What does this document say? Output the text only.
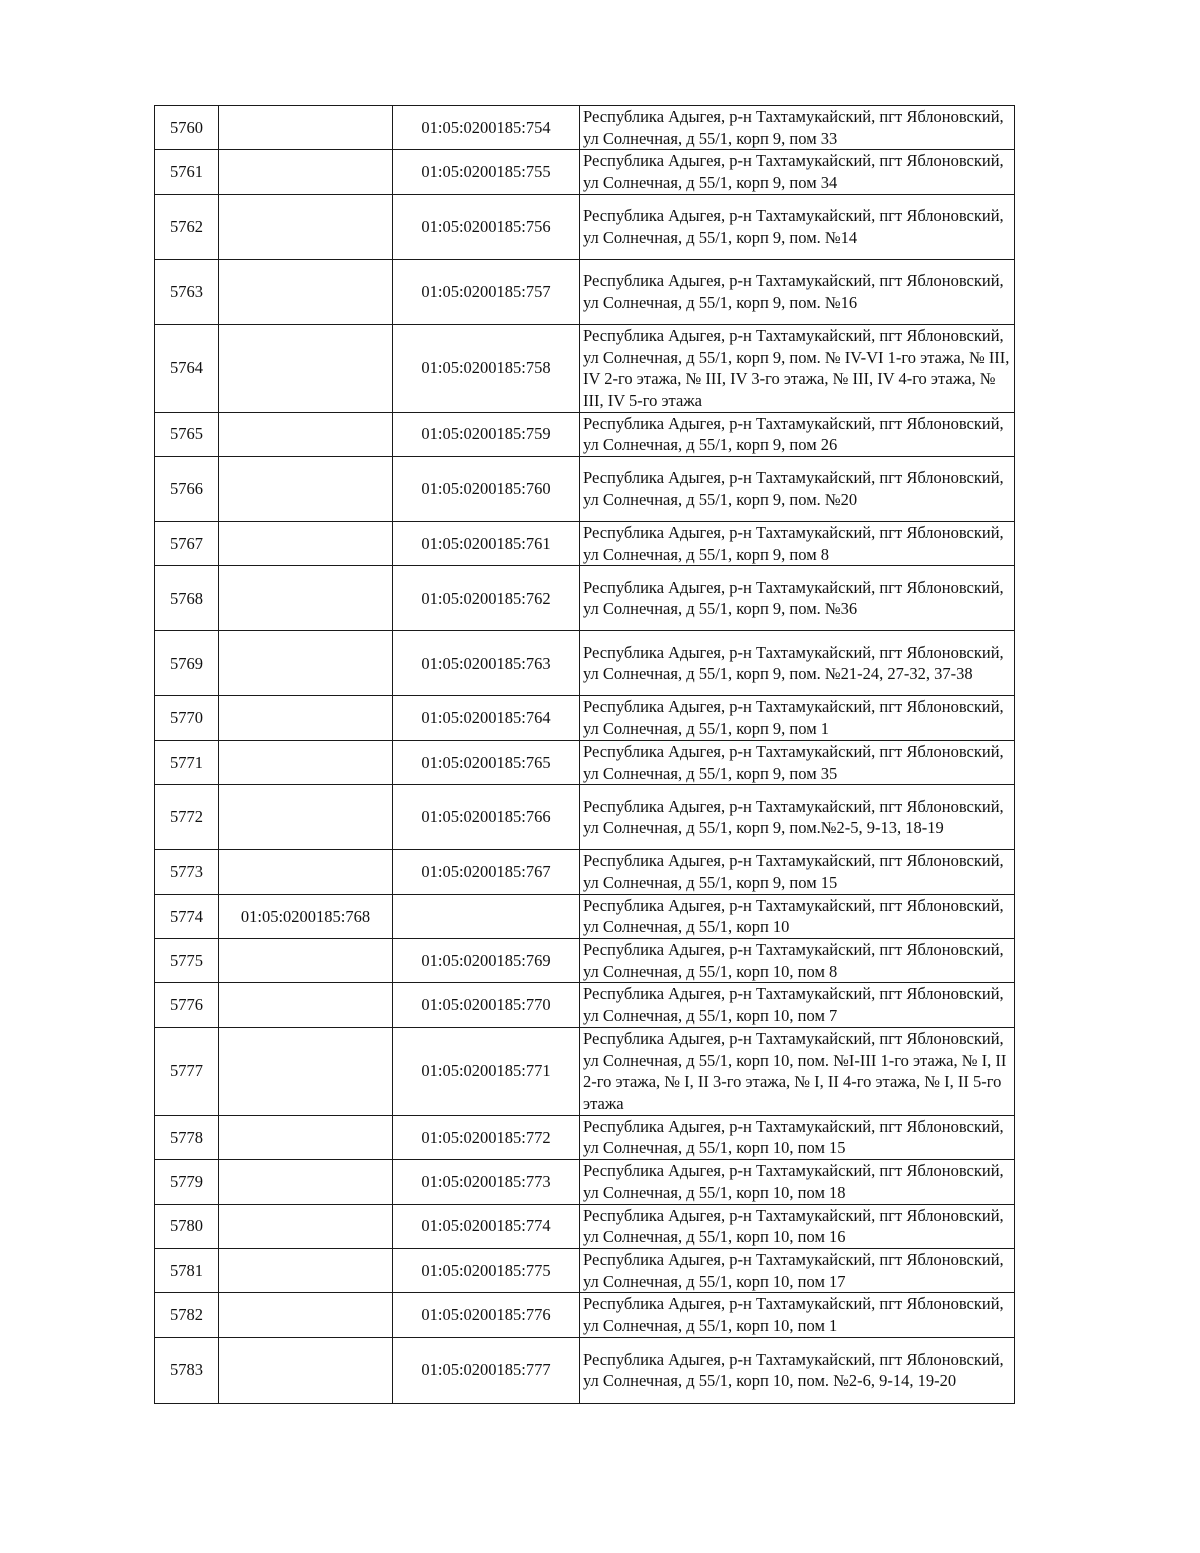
5760		01:05:0200185:754	Республика Адыгея, р-н Тахтамукайский, пгт Яблоновский, ул Солнечная, д 55/1, корп 9, пом 33
5761		01:05:0200185:755	Республика Адыгея, р-н Тахтамукайский, пгт Яблоновский, ул Солнечная, д 55/1, корп 9, пом 34
5762		01:05:0200185:756	Республика Адыгея, р-н Тахтамукайский, пгт Яблоновский, ул Солнечная, д 55/1, корп 9, пом. №14
5763		01:05:0200185:757	Республика Адыгея, р-н Тахтамукайский, пгт Яблоновский, ул Солнечная, д 55/1, корп 9, пом. №16
5764		01:05:0200185:758	Республика Адыгея, р-н Тахтамукайский, пгт Яблоновский, ул Солнечная, д 55/1, корп 9, пом. № IV-VI 1-го этажа, № III, IV 2-го этажа, № III, IV 3-го этажа, № III, IV 4-го этажа, № III, IV 5-го этажа
5765		01:05:0200185:759	Республика Адыгея, р-н Тахтамукайский, пгт Яблоновский, ул Солнечная, д 55/1, корп 9, пом 26
5766		01:05:0200185:760	Республика Адыгея, р-н Тахтамукайский, пгт Яблоновский, ул Солнечная, д 55/1, корп 9, пом. №20
5767		01:05:0200185:761	Республика Адыгея, р-н Тахтамукайский, пгт Яблоновский, ул Солнечная, д 55/1, корп 9, пом 8
5768		01:05:0200185:762	Республика Адыгея, р-н Тахтамукайский, пгт Яблоновский, ул Солнечная, д 55/1, корп 9, пом. №36
5769		01:05:0200185:763	Республика Адыгея, р-н Тахтамукайский, пгт Яблоновский, ул Солнечная, д 55/1, корп 9, пом. №21-24, 27-32, 37-38
5770		01:05:0200185:764	Республика Адыгея, р-н Тахтамукайский, пгт Яблоновский, ул Солнечная, д 55/1, корп 9, пом 1
5771		01:05:0200185:765	Республика Адыгея, р-н Тахтамукайский, пгт Яблоновский, ул Солнечная, д 55/1, корп 9, пом 35
5772		01:05:0200185:766	Республика Адыгея, р-н Тахтамукайский, пгт Яблоновский, ул Солнечная, д 55/1, корп 9, пом.№2-5, 9-13, 18-19
5773		01:05:0200185:767	Республика Адыгея, р-н Тахтамукайский, пгт Яблоновский, ул Солнечная, д 55/1, корп 9, пом 15
5774	01:05:0200185:768		Республика Адыгея, р-н Тахтамукайский, пгт Яблоновский, ул Солнечная, д 55/1, корп 10
5775		01:05:0200185:769	Республика Адыгея, р-н Тахтамукайский, пгт Яблоновский, ул Солнечная, д 55/1, корп 10, пом 8
5776		01:05:0200185:770	Республика Адыгея, р-н Тахтамукайский, пгт Яблоновский, ул Солнечная, д 55/1, корп 10, пом 7
5777		01:05:0200185:771	Республика Адыгея, р-н Тахтамукайский, пгт Яблоновский, ул Солнечная, д 55/1, корп 10, пом. №I-III 1-го этажа, № I, II 2-го этажа, № I, II 3-го этажа, № I, II 4-го этажа, № I, II 5-го этажа
5778		01:05:0200185:772	Республика Адыгея, р-н Тахтамукайский, пгт Яблоновский, ул Солнечная, д 55/1, корп 10, пом 15
5779		01:05:0200185:773	Республика Адыгея, р-н Тахтамукайский, пгт Яблоновский, ул Солнечная, д 55/1, корп 10, пом 18
5780		01:05:0200185:774	Республика Адыгея, р-н Тахтамукайский, пгт Яблоновский, ул Солнечная, д 55/1, корп 10, пом 16
5781		01:05:0200185:775	Республика Адыгея, р-н Тахтамукайский, пгт Яблоновский, ул Солнечная, д 55/1, корп 10, пом 17
5782		01:05:0200185:776	Республика Адыгея, р-н Тахтамукайский, пгт Яблоновский, ул Солнечная, д 55/1, корп 10, пом 1
5783		01:05:0200185:777	Республика Адыгея, р-н Тахтамукайский, пгт Яблоновский, ул Солнечная, д 55/1, корп 10, пом. №2-6, 9-14, 19-20
